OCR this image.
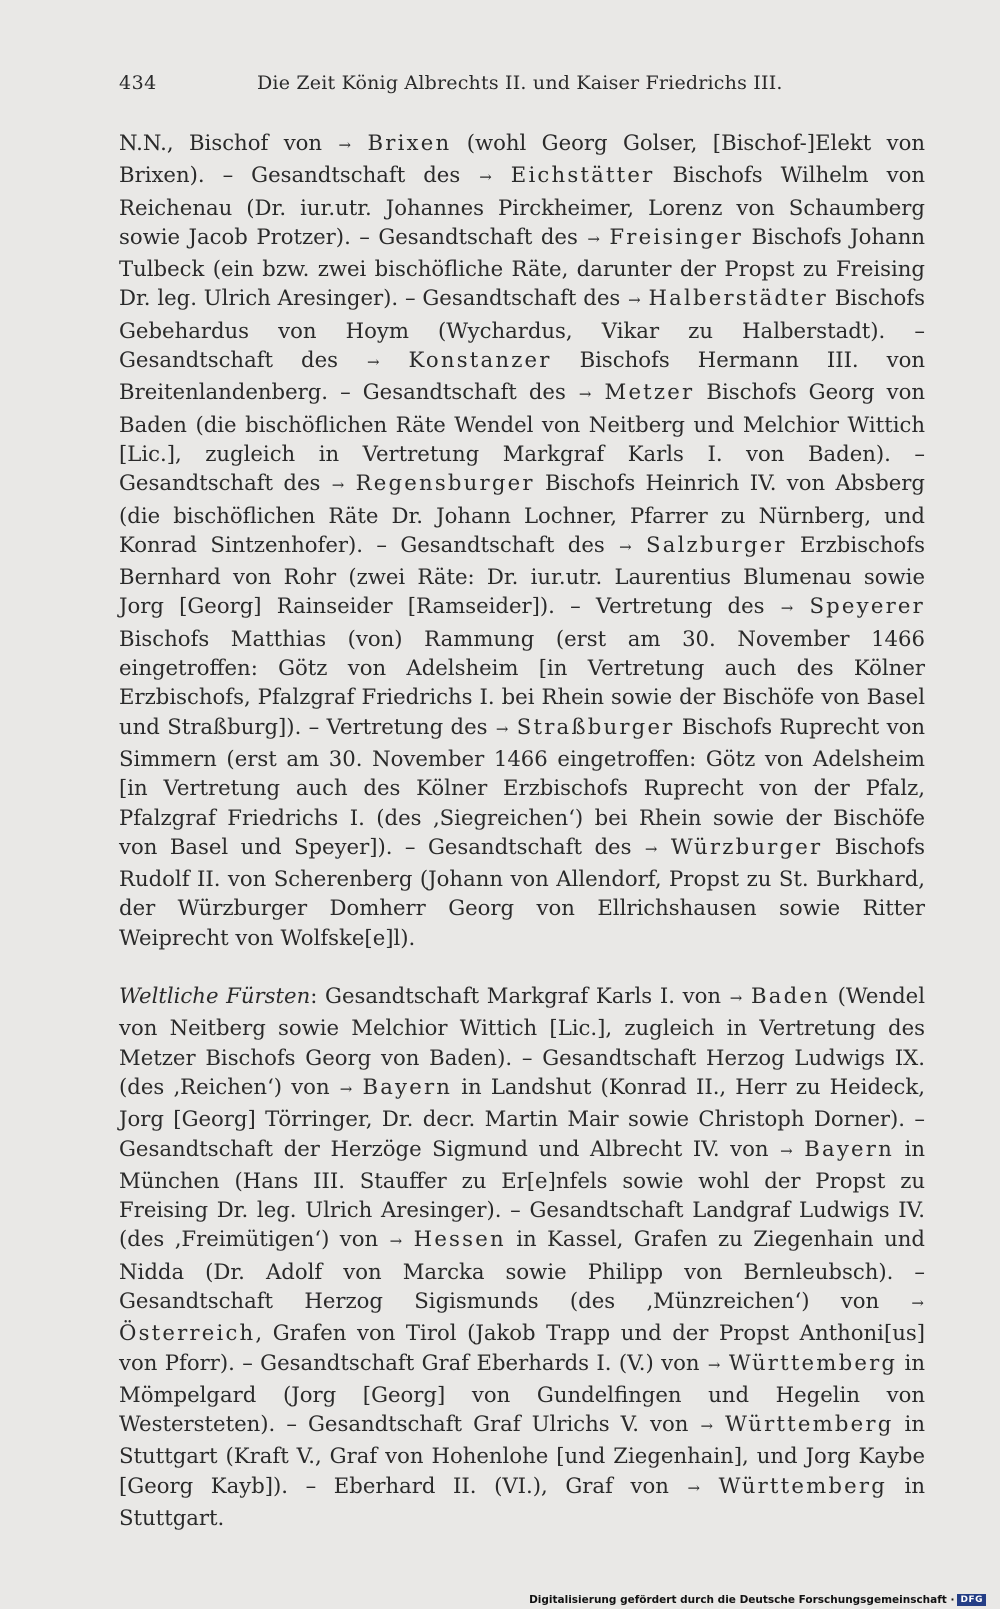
434	Die Zeit König Albrechts II. und Kaiser Friedrichs III.

N.N., Bischof von → Brixen (wohl Georg Golser, [Bischof-]Elekt von Brixen). – Gesandtschaft des → Eichstätter Bischofs Wilhelm von Reichenau (Dr. iur.utr. Johannes Pirckheimer, Lorenz von Schaumberg sowie Jacob Protzer). – Gesandtschaft des → Freisinger Bischofs Johann Tulbeck (ein bzw. zwei bischöfliche Räte, darunter der Propst zu Freising Dr. leg. Ulrich Aresinger). – Gesandtschaft des → Halberstädter Bischofs Gebehardus von Hoym (Wychardus, Vikar zu Halberstadt). – Gesandtschaft des → Konstanzer Bischofs Hermann III. von Breitenlandenberg. – Gesandtschaft des → Metzer Bischofs Georg von Baden (die bischöflichen Räte Wendel von Neitberg und Melchior Wittich [Lic.], zugleich in Vertretung Markgraf Karls I. von Baden). – Gesandtschaft des → Regensburger Bischofs Heinrich IV. von Absberg (die bischöflichen Räte Dr. Johann Lochner, Pfarrer zu Nürnberg, und Konrad Sintzenhofer). – Gesandtschaft des → Salzburger Erzbischofs Bernhard von Rohr (zwei Räte: Dr. iur.utr. Laurentius Blumenau sowie Jorg [Georg] Rainseider [Ramseider]). – Vertretung des → Speyerer Bischofs Matthias (von) Rammung (erst am 30. November 1466 eingetroffen: Götz von Adelsheim [in Vertretung auch des Kölner Erzbischofs, Pfalzgraf Friedrichs I. bei Rhein sowie der Bischöfe von Basel und Straßburg]). – Vertretung des → Straßburger Bischofs Ruprecht von Simmern (erst am 30. November 1466 eingetroffen: Götz von Adelsheim [in Vertretung auch des Kölner Erzbischofs Ruprecht von der Pfalz, Pfalzgraf Friedrichs I. (des ‚Siegreichen‘) bei Rhein sowie der Bischöfe von Basel und Speyer]). – Gesandtschaft des → Würzburger Bischofs Rudolf II. von Scherenberg (Johann von Allendorf, Propst zu St. Burkhard, der Würzburger Domherr Georg von Ellrichshausen sowie Ritter Weiprecht von Wolfske[e]l).

Weltliche Fürsten: Gesandtschaft Markgraf Karls I. von → Baden (Wendel von Neitberg sowie Melchior Wittich [Lic.], zugleich in Vertretung des Metzer Bischofs Georg von Baden). – Gesandtschaft Herzog Ludwigs IX. (des ‚Reichen‘) von → Bayern in Landshut (Konrad II., Herr zu Heideck, Jorg [Georg] Törringer, Dr. decr. Martin Mair sowie Christoph Dorner). – Gesandtschaft der Herzöge Sigmund und Albrecht IV. von → Bayern in München (Hans III. Stauffer zu Er[e]nfels sowie wohl der Propst zu Freising Dr. leg. Ulrich Aresinger). – Gesandtschaft Landgraf Ludwigs IV. (des ‚Freimütigen‘) von → Hessen in Kassel, Grafen zu Ziegenhain und Nidda (Dr. Adolf von Marcka sowie Philipp von Bernleubsch). – Gesandtschaft Herzog Sigismunds (des ‚Münzreichen‘) von → Österreich, Grafen von Tirol (Jakob Trapp und der Propst Anthoni[us] von Pforr). – Gesandtschaft Graf Eberhards I. (V.) von → Württemberg in Mömpelgard (Jorg [Georg] von Gundelfingen und Hegelin von Westersteten). – Gesandtschaft Graf Ulrichs V. von → Württemberg in Stuttgart (Kraft V., Graf von Hohenlohe [und Ziegenhain], und Jorg Kaybe [Georg Kayb]). – Eberhard II. (VI.), Graf von → Württemberg in Stuttgart.

Digitalisierung gefördert durch die Deutsche Forschungsgemeinschaft · DFG
